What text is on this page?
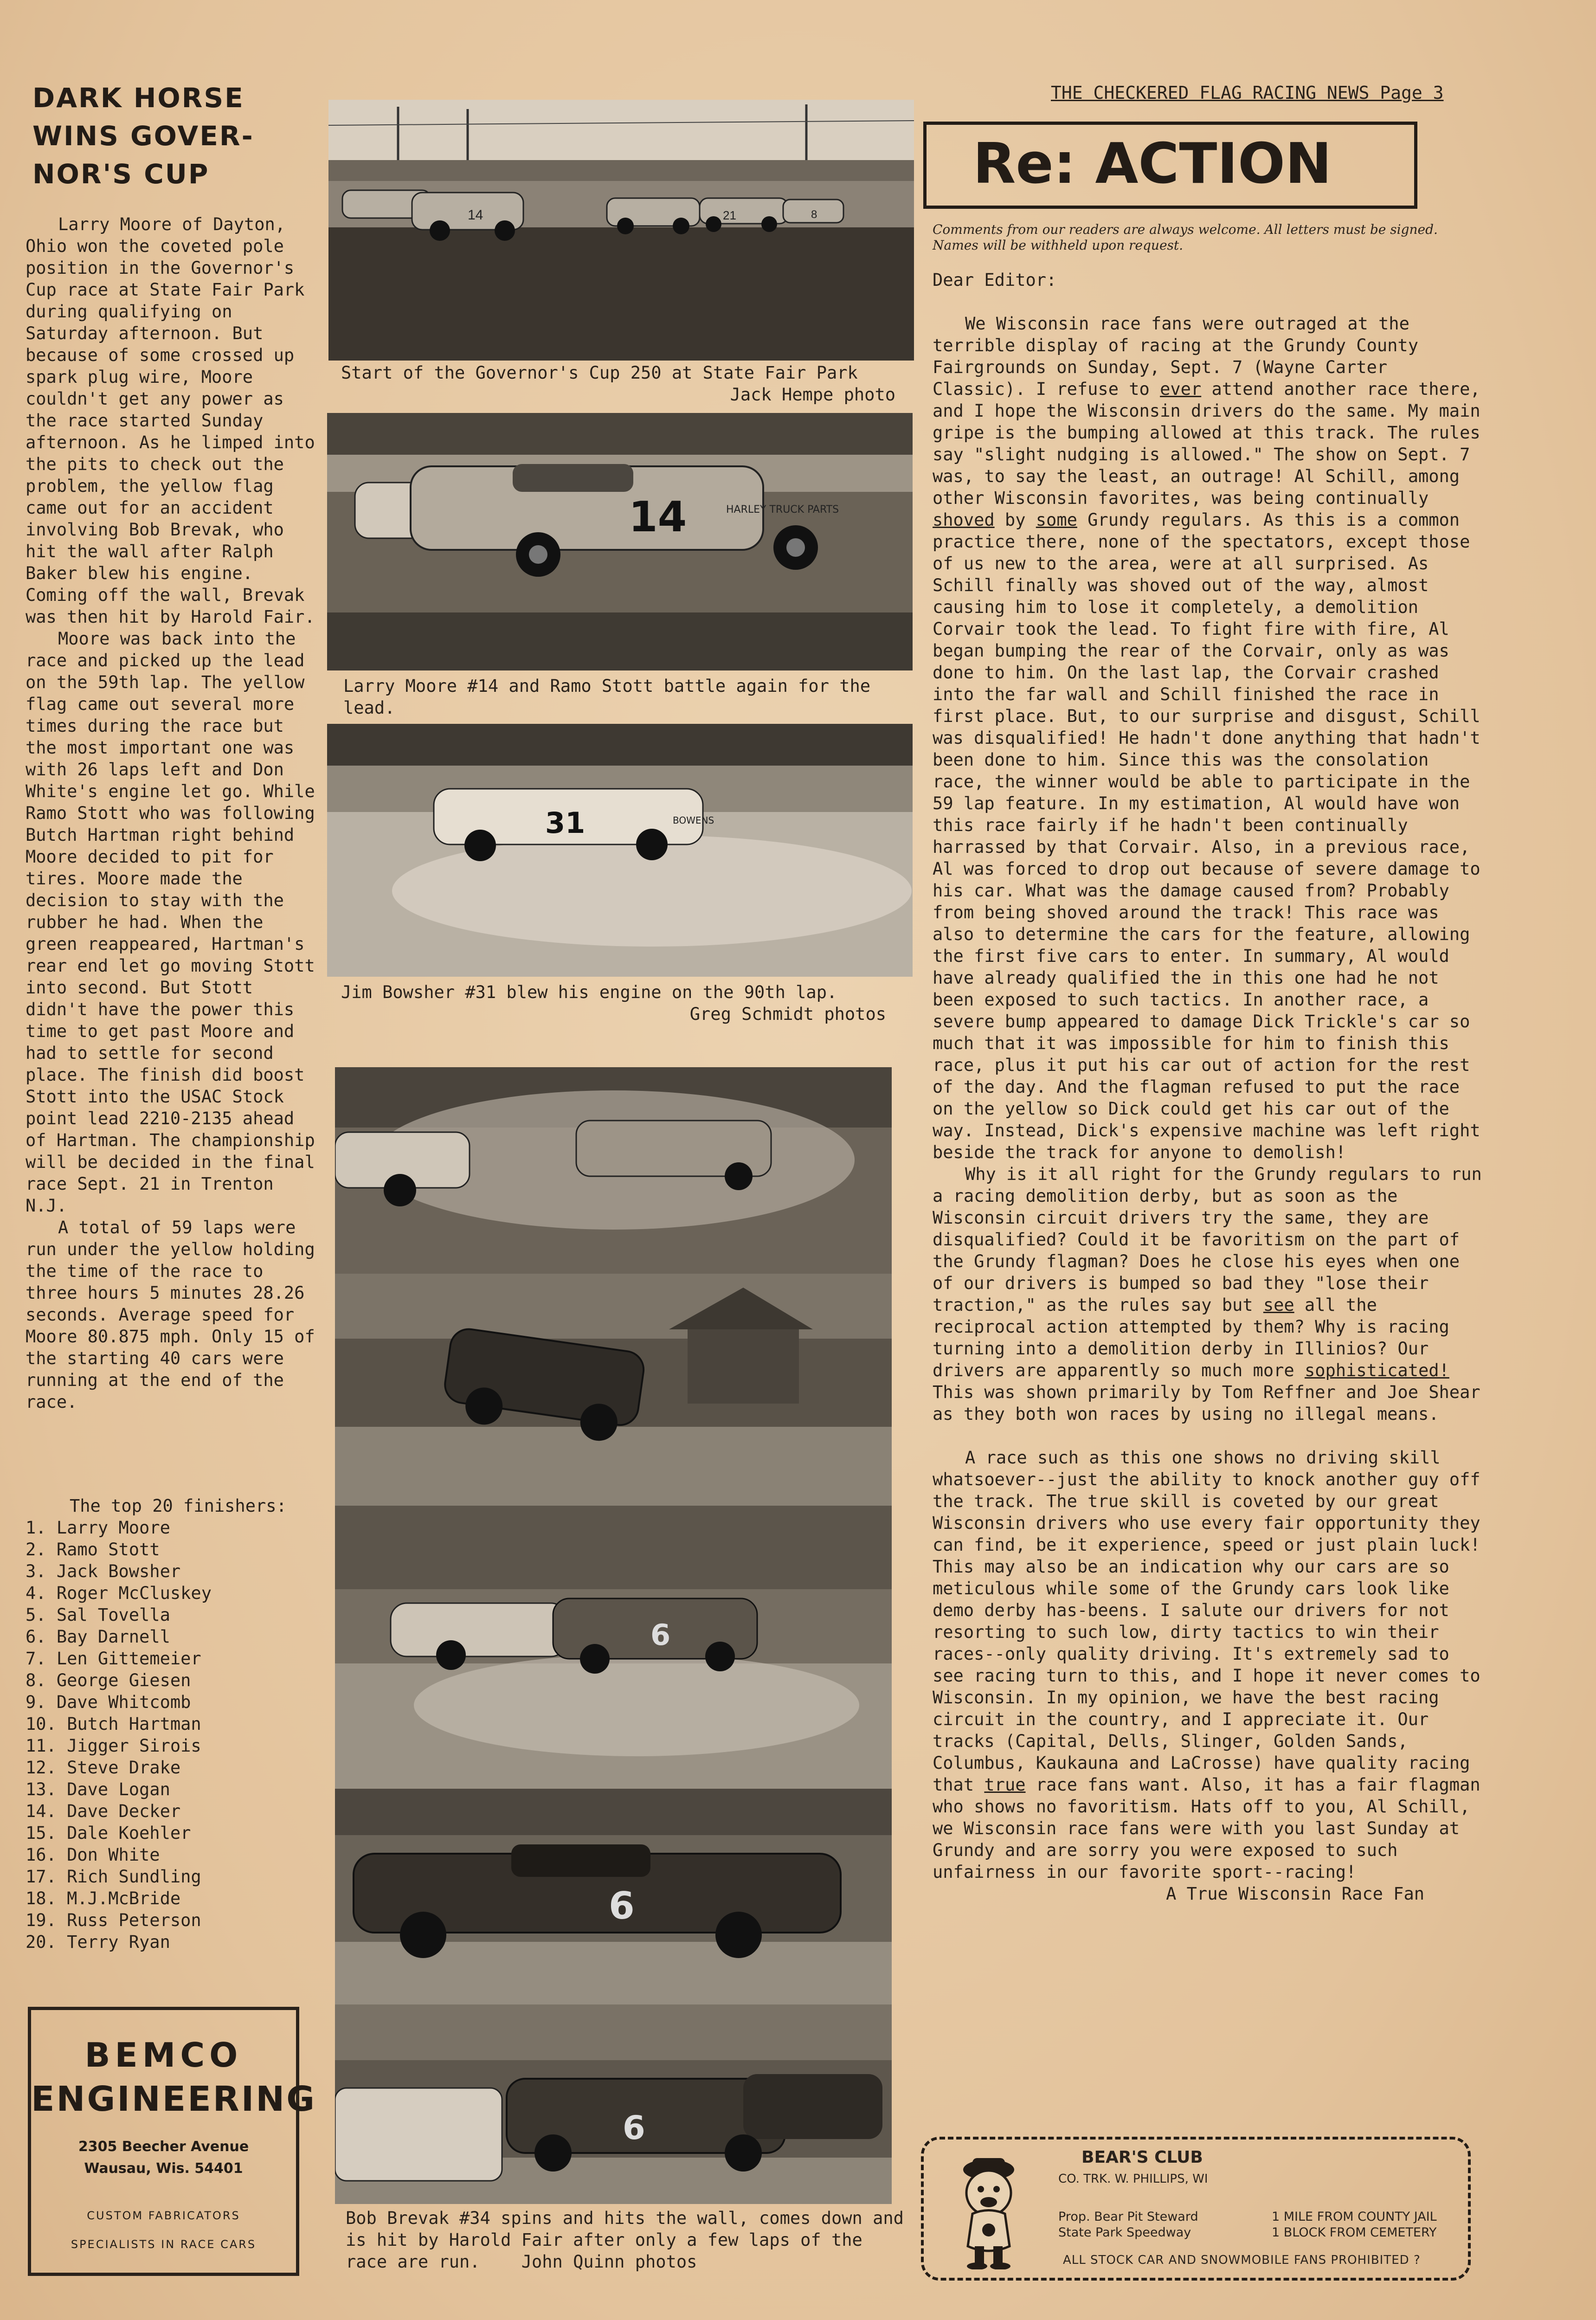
THE CHECKERED FLAG RACING NEWS Page 3
DARK HORSE
WINS GOVER-
NOR'S CUP

Larry Moore of Dayton, Ohio won the coveted pole position in the Governor's Cup race at State Fair Park during qualifying on Saturday afternoon. But because of some crossed up spark plug wire, Moore couldn't get any power as the race started Sunday afternoon. As he limped into the pits to check out the problem, the yellow flag came out for an accident involving Bob Brevak, who hit the wall after Ralph Baker blew his engine. Coming off the wall, Brevak was then hit by Harold Fair.

Moore was back into the race and picked up the lead on the 59th lap. The yellow flag came out several more times during the race but the most important one was with 26 laps left and Don White's engine let go. While Ramo Stott who was following Butch Hartman right behind Moore decided to pit for tires. Moore made the decision to stay with the rubber he had. When the green reappeared, Hartman's rear end let go moving Stott into second. But Stott didn't have the power this time to get past Moore and had to settle for second place. The finish did boost Stott into the USAC Stock point lead 2210-2135 ahead of Hartman. The championship will be decided in the final race Sept. 21 in Trenton N.J.

A total of 59 laps were run under the yellow holding the time of the race to three hours 5 minutes 28.26 seconds. Average speed for Moore 80.875 mph. Only 15 of the starting 40 cars were running at the end of the race.

The top 20 finishers:
1. Larry Moore
2. Ramo Stott
3. Jack Bowsher
4. Roger McCluskey
5. Sal Tovella
6. Bay Darnell
7. Len Gittemeier
8. George Giesen
9. Dave Whitcomb
10. Butch Hartman
11. Jigger Sirois
12. Steve Drake
13. Dave Logan
14. Dave Decker
15. Dale Koehler
16. Don White
17. Rich Sundling
18. M.J.McBride
19. Russ Peterson
20. Terry Ryan
BEMCO
ENGINEERING
2305 Beecher Avenue
Wausau, Wis. 54401
CUSTOM FABRICATORS
SPECIALISTS IN RACE CARS
14	21	8
Start of the Governor's Cup 250 at State Fair Park
Jack Hempe photo
14	HARLEY TRUCK PARTS
Larry Moore #14 and Ramo Stott battle again for the lead.
31	BOWENS
Jim Bowsher #31 blew his engine on the 90th lap.
Greg Schmidt photos
6
6
6
Bob Brevak #34 spins and hits the wall, comes down and is hit by Harold Fair after only a few laps of the race are run. John Quinn photos
Re: ACTION
Comments from our readers are always welcome. All letters must be signed. Names will be withheld upon request.

Dear Editor:

We Wisconsin race fans were outraged at the terrible display of racing at the Grundy County Fairgrounds on Sunday, Sept. 7 (Wayne Carter Classic). I refuse to ever attend another race there, and I hope the Wisconsin drivers do the same. My main gripe is the bumping allowed at this track. The rules say "slight nudging is allowed." The show on Sept. 7 was, to say the least, an outrage! Al Schill, among other Wisconsin favorites, was being continually shoved by some Grundy regulars. As this is a common practice there, none of the spectators, except those of us new to the area, were at all surprised. As Schill finally was shoved out of the way, almost causing him to lose it completely, a demolition Corvair took the lead. To fight fire with fire, Al began bumping the rear of the Corvair, only as was done to him. On the last lap, the Corvair crashed into the far wall and Schill finished the race in first place. But, to our surprise and disgust, Schill was disqualified! He hadn't done anything that hadn't been done to him. Since this was the consolation race, the winner would be able to participate in the 59 lap feature. In my estimation, Al would have won this race fairly if he hadn't been continually harrassed by that Corvair. Also, in a previous race, Al was forced to drop out because of severe damage to his car. What was the damage caused from? Probably from being shoved around the track! This race was also to determine the cars for the feature, allowing the first five cars to enter. In summary, Al would have already qualified the in this one had he not been exposed to such tactics. In another race, a severe bump appeared to damage Dick Trickle's car so much that it was impossible for him to finish this race, plus it put his car out of action for the rest of the day. And the flagman refused to put the race on the yellow so Dick could get his car out of the way. Instead, Dick's expensive machine was left right beside the track for anyone to demolish!

Why is it all right for the Grundy regulars to run a racing demolition derby, but as soon as the Wisconsin circuit drivers try the same, they are disqualified? Could it be favoritism on the part of the Grundy flagman? Does he close his eyes when one of our drivers is bumped so bad they "lose their traction," as the rules say but see all the reciprocal action attempted by them? Why is racing turning into a demolition derby in Illinios? Our drivers are apparently so much more sophisticated! This was shown primarily by Tom Reffner and Joe Shear as they both won races by using no illegal means.

A race such as this one shows no driving skill whatsoever--just the ability to knock another guy off the track. The true skill is coveted by our great Wisconsin drivers who use every fair opportunity they can find, be it experience, speed or just plain luck! This may also be an indication why our cars are so meticulous while some of the Grundy cars look like demo derby has-beens. I salute our drivers for not resorting to such low, dirty tactics to win their races--only quality driving. It's extremely sad to see racing turn to this, and I hope it never comes to Wisconsin. In my opinion, we have the best racing circuit in the country, and I appreciate it. Our tracks (Capital, Dells, Slinger, Golden Sands, Columbus, Kaukauna and LaCrosse) have quality racing that true race fans want. Also, it has a fair flagman who shows no favoritism. Hats off to you, Al Schill, we Wisconsin race fans were with you last Sunday at Grundy and are sorry you were exposed to such unfairness in our favorite sport--racing!

A True Wisconsin Race Fan

BEAR'S CLUB
CO. TRK. W. PHILLIPS, WI
Prop. Bear Pit Steward
State Park Speedway
1 MILE FROM COUNTY JAIL
1 BLOCK FROM CEMETERY
ALL STOCK CAR AND SNOWMOBILE FANS PROHIBITED ?
